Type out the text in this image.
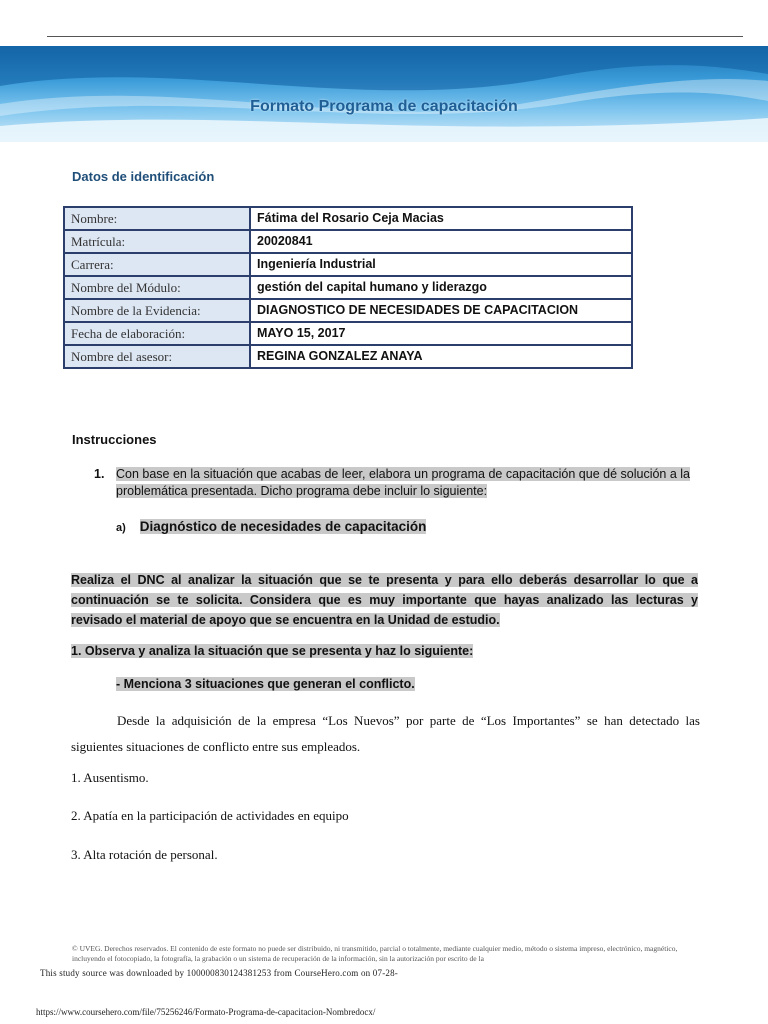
Formato Programa de capacitación
Datos de identificación
Nombre:	Fátima del Rosario Ceja Macias
Matrícula:	20020841
Carrera:	Ingeniería Industrial
Nombre del Módulo:	gestión del capital humano y liderazgo
Nombre de la Evidencia:	DIAGNOSTICO DE NECESIDADES DE CAPACITACION
Fecha de elaboración:	MAYO 15, 2017
Nombre del asesor:	REGINA GONZALEZ ANAYA
Instrucciones
1. Con base en la situación que acabas de leer, elabora un programa de capacitación que dé solución a la problemática presentada. Dicho programa debe incluir lo siguiente:
a) Diagnóstico de necesidades de capacitación
Realiza el DNC al analizar la situación que se te presenta y para ello deberás desarrollar lo que a continuación se te solicita. Considera que es muy importante que hayas analizado las lecturas y revisado el material de apoyo que se encuentra en la Unidad de estudio.
1. Observa y analiza la situación que se presenta y haz lo siguiente:
- Menciona 3 situaciones que generan el conflicto.
Desde la adquisición de la empresa “Los Nuevos” por parte de “Los Importantes” se han detectado las siguientes situaciones de conflicto entre sus empleados.
1. Ausentismo.
2. Apatía en la participación de actividades en equipo
3. Alta rotación de personal.
© UVEG. Derechos reservados. El contenido de este formato no puede ser distribuido, ni transmitido, parcial o totalmente, mediante cualquier medio, método o sistema impreso, electrónico, magnético, incluyendo el fotocopiado, la fotografía, la grabación o un sistema de recuperación de la información, sin la autorización por escrito de la
This study source was downloaded by 100000830124381253 from CourseHero.com on 07-28-
https://www.coursehero.com/file/75256246/Formato-Programa-de-capacitacion-Nombredocx/
